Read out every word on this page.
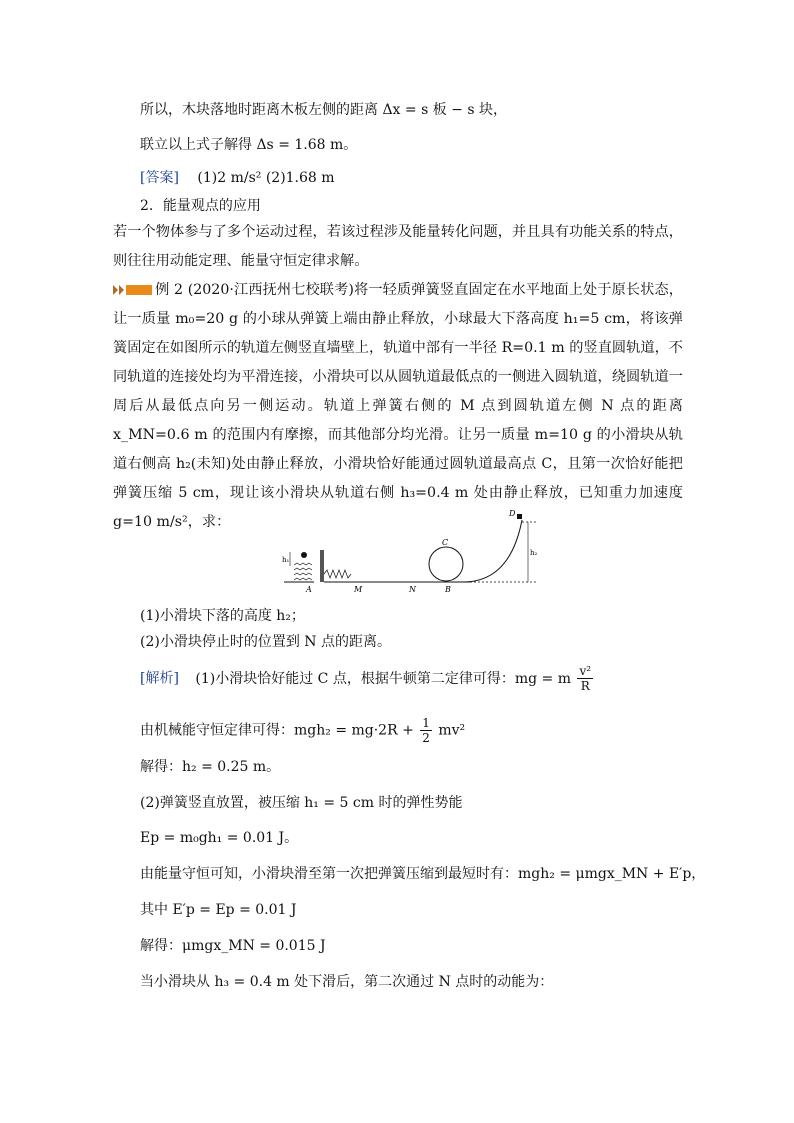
所以，木块落地时距离木板左侧的距离 Δx = s 板 − s 块，
联立以上式子解得 Δs = 1.68 m。
[答案] (1)2 m/s² (2)1.68 m
2．能量观点的应用
若一个物体参与了多个运动过程，若该过程涉及能量转化问题，并且具有功能关系的特点，则往往用动能定理、能量守恒定律求解。
例 2 (2020·江西抚州七校联考)将一轻质弹簧竖直固定在水平地面上处于原长状态，让一质量 m₀=20 g 的小球从弹簧上端由静止释放，小球最大下落高度 h₁=5 cm，将该弹簧固定在如图所示的轨道左侧竖直墙壁上，轨道中部有一半径 R=0.1 m 的竖直圆轨道，不同轨道的连接处均为平滑连接，小滑块可以从圆轨道最低点的一侧进入圆轨道，绕圆轨道一周后从最低点向另一侧运动。轨道上弹簧右侧的 M 点到圆轨道左侧 N 点的距离 x_MN=0.6 m 的范围内有摩擦，而其他部分均光滑。让另一质量 m=10 g 的小滑块从轨道右侧高 h₂(未知)处由静止释放，小滑块恰好能通过圆轨道最高点 C，且第一次恰好能把弹簧压缩 5 cm，现让该小滑块从轨道右侧 h₃=0.4 m 处由静止释放，已知重力加速度 g=10 m/s²，求：
h₁
h₂
A	M	N	B
C
D
(1)小滑块下落的高度 h₂；
(2)小滑块停止时的位置到 N 点的距离。
[解析] (1)小滑块恰好能过 C 点，根据牛顿第二定律可得：mg = m $\frac{\text{v²}}{R}$
由机械能守恒定律可得：$mgh_2 = mg\cdot 2R + \frac{1}{2} mv^2$
解得：h₂ = 0.25 m。
(2)弹簧竖直放置，被压缩 h₁ = 5 cm 时的弹性势能
Ep = m₀gh₁ = 0.01 J。
由能量守恒可知，小滑块滑至第一次把弹簧压缩到最短时有：mgh₂ = μmgx_MN + E′p，
其中 E′p = Ep = 0.01 J
解得：μmgx_MN = 0.015 J
当小滑块从 h₃ = 0.4 m 处下滑后，第二次通过 N 点时的动能为：
